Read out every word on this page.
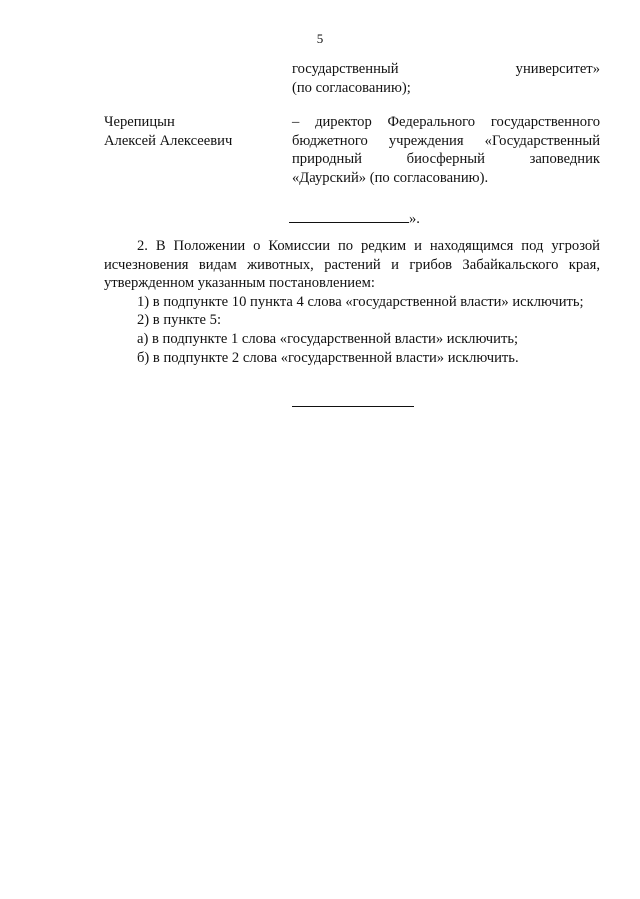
5
государственный	университет»
(по согласованию);
Черепицын
Алексей Алексеевич
– директор Федерального государственного
бюджетного учреждения «Государственный
природный биосферный заповедник
«Даурский» (по согласованию).
».

2. В Положении о Комиссии по редким и находящимся под угрозой

исчезновения видам животных, растений и грибов Забайкальского края,

утвержденном указанным постановлением:

1) в подпункте 10 пункта 4 слова «государственной власти» исключить;

2) в пункте 5:

а) в подпункте 1 слова «государственной власти» исключить;

б) в подпункте 2 слова «государственной власти» исключить.
